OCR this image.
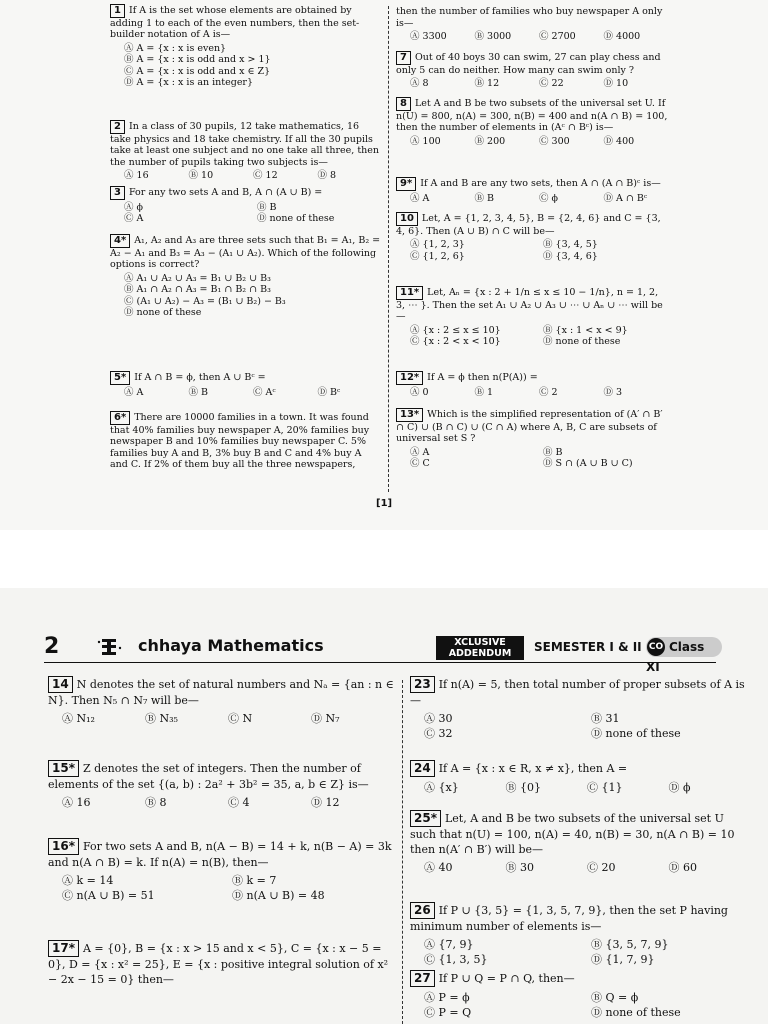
1 If A is the set whose elements are obtained by adding 1 to each of the even numbers, then the set-builder notation of A is—
Ⓐ A = {x : x is even}
Ⓑ A = {x : x is odd and x > 1}
Ⓒ A = {x : x is odd and x ∈ Z}
Ⓓ A = {x : x is an integer}
2 In a class of 30 pupils, 12 take mathematics, 16 take physics and 18 take chemistry. If all the 30 pupils take at least one subject and no one take all three, then the number of pupils taking two subjects is—
Ⓐ 16	Ⓑ 10	Ⓒ 12	Ⓓ 8
3 For any two sets A and B, A ∩ (A ∪ B) =
Ⓐ ϕ	Ⓑ B
Ⓒ A	Ⓓ none of these
4* A₁, A₂ and A₃ are three sets such that B₁ = A₁, B₂ = A₂ − A₁ and B₃ = A₃ − (A₁ ∪ A₂). Which of the following options is correct?
Ⓐ A₁ ∪ A₂ ∪ A₃ = B₁ ∪ B₂ ∪ B₃
Ⓑ A₁ ∩ A₂ ∩ A₃ = B₁ ∩ B₂ ∩ B₃
Ⓒ (A₁ ∪ A₂) − A₃ = (B₁ ∪ B₂) − B₃
Ⓓ none of these
5* If A ∩ B = ϕ, then A ∪ Bᶜ =
Ⓐ A	Ⓑ B	Ⓒ Aᶜ	Ⓓ Bᶜ
6* There are 10000 families in a town. It was found that 40% families buy newspaper A, 20% families buy newspaper B and 10% families buy newspaper C. 5% families buy A and B, 3% buy B and C and 4% buy A and C. If 2% of them buy all the three newspapers,
then the number of families who buy newspaper A only is—
Ⓐ 3300	Ⓑ 3000	Ⓒ 2700	Ⓓ 4000
7 Out of 40 boys 30 can swim, 27 can play chess and only 5 can do neither. How many can swim only ?
Ⓐ 8	Ⓑ 12	Ⓒ 22	Ⓓ 10
8 Let A and B be two subsets of the universal set U. If n(U) = 800, n(A) = 300, n(B) = 400 and n(A ∩ B) = 100, then the number of elements in (Aᶜ ∩ Bᶜ) is—
Ⓐ 100	Ⓑ 200	Ⓒ 300	Ⓓ 400
9* If A and B are any two sets, then A ∩ (A ∩ B)ᶜ is—
Ⓐ A	Ⓑ B	Ⓒ ϕ	Ⓓ A ∩ Bᶜ
10 Let, A = {1, 2, 3, 4, 5}, B = {2, 4, 6} and C = {3, 4, 6}. Then (A ∪ B) ∩ C will be—
Ⓐ {1, 2, 3}	Ⓑ {3, 4, 5}
Ⓒ {1, 2, 6}	Ⓓ {3, 4, 6}
11* Let, Aₙ = {x : 2 + 1/n ≤ x ≤ 10 − 1/n}, n = 1, 2, 3, ⋯ }. Then the set A₁ ∪ A₂ ∪ A₃ ∪ ⋯ ∪ Aₙ ∪ ⋯ will be—
Ⓐ {x : 2 ≤ x ≤ 10}	Ⓑ {x : 1 < x < 9}
Ⓒ {x : 2 < x < 10}	Ⓓ none of these
12* If A = ϕ then n(P(A)) =
Ⓐ 0	Ⓑ 1	Ⓒ 2	Ⓓ 3
13* Which is the simplified representation of (A′ ∩ B′ ∩ C) ∪ (B ∩ C) ∪ (C ∩ A) where A, B, C are subsets of universal set S ?
Ⓐ A	Ⓑ B
Ⓒ C	Ⓓ S ∩ (A ∪ B ∪ C)
[1]
2	chhaya Mathematics	XCLUSIVE
ADDENDUM	SEMESTER I & II CO Class XI
14 N denotes the set of natural numbers and Nₐ = {an : n ∈ N}. Then N₅ ∩ N₇ will be—
Ⓐ N₁₂	Ⓑ N₃₅	Ⓒ N	Ⓓ N₇
15* Z denotes the set of integers. Then the number of elements of the set {(a, b) : 2a² + 3b² = 35, a, b ∈ Z} is—
Ⓐ 16	Ⓑ 8	Ⓒ 4	Ⓓ 12
16* For two sets A and B, n(A − B) = 14 + k, n(B − A) = 3k and n(A ∩ B) = k. If n(A) = n(B), then—
Ⓐ k = 14	Ⓑ k = 7
Ⓒ n(A ∪ B) = 51	Ⓓ n(A ∪ B) = 48
17* A = {0}, B = {x : x > 15 and x < 5}, C = {x : x − 5 = 0}, D = {x : x² = 25}, E = {x : positive integral solution of x² − 2x − 15 = 0} then—
23 If n(A) = 5, then total number of proper subsets of A is—
Ⓐ 30	Ⓑ 31
Ⓒ 32	Ⓓ none of these
24 If A = {x : x ∈ R, x ≠ x}, then A =
Ⓐ {x}	Ⓑ {0}	Ⓒ {1}	Ⓓ ϕ
25* Let, A and B be two subsets of the universal set U such that n(U) = 100, n(A) = 40, n(B) = 30, n(A ∩ B) = 10 then n(A′ ∩ B′) will be—
Ⓐ 40	Ⓑ 30	Ⓒ 20	Ⓓ 60
26 If P ∪ {3, 5} = {1, 3, 5, 7, 9}, then the set P having minimum number of elements is—
Ⓐ {7, 9}	Ⓑ {3, 5, 7, 9}
Ⓒ {1, 3, 5}	Ⓓ {1, 7, 9}
27 If P ∪ Q = P ∩ Q, then—
Ⓐ P = ϕ	Ⓑ Q = ϕ
Ⓒ P = Q	Ⓓ none of these
